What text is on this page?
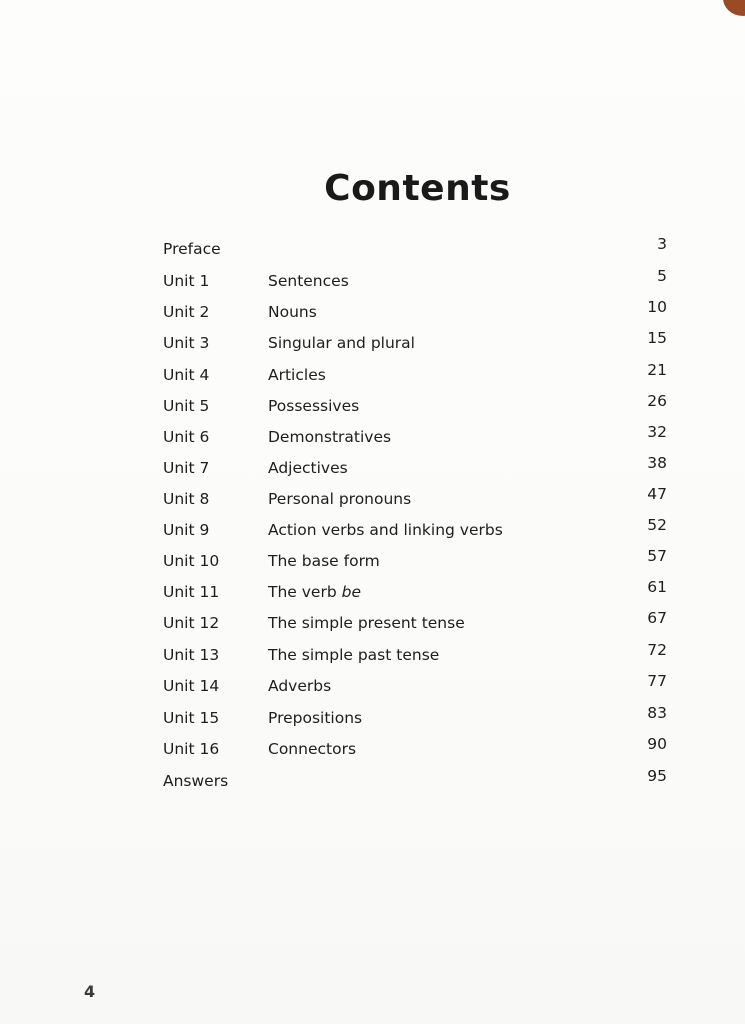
Contents
Preface	3
Unit 1	Sentences	5
Unit 2	Nouns	10
Unit 3	Singular and plural	15
Unit 4	Articles	21
Unit 5	Possessives	26
Unit 6	Demonstratives	32
Unit 7	Adjectives	38
Unit 8	Personal pronouns	47
Unit 9	Action verbs and linking verbs	52
Unit 10	The base form	57
Unit 11	The verb be	61
Unit 12	The simple present tense	67
Unit 13	The simple past tense	72
Unit 14	Adverbs	77
Unit 15	Prepositions	83
Unit 16	Connectors	90
Answers	95
4
